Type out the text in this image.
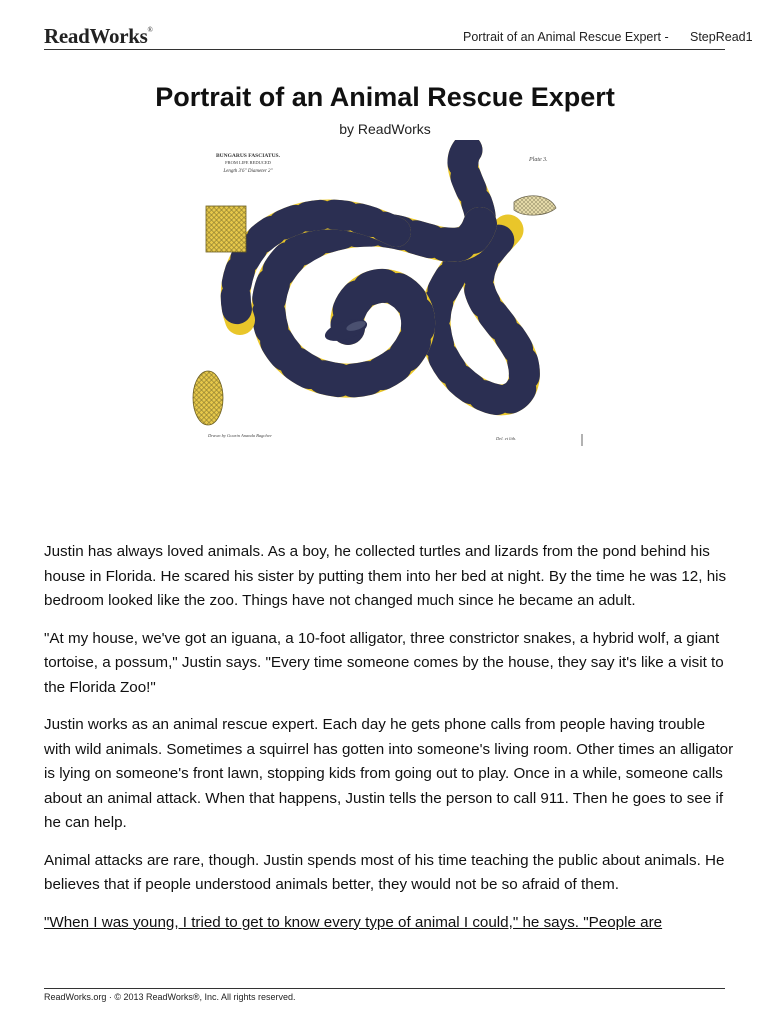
ReadWorks®	Portrait of an Animal Rescue Expert - StepRead1
Portrait of an Animal Rescue Expert
by ReadWorks
BUNGARUS FASCIATUS.
FROM LIFE REDUCED
Length 3'6" Diameter 2"
Plate 3.
Drawn by Gourin Ananda Bagchee
Del. et lith.

Justin has always loved animals. As a boy, he collected turtles and lizards from the pond behind his house in Florida. He scared his sister by putting them into her bed at night. By the time he was 12, his bedroom looked like the zoo. Things have not changed much since he became an adult.

"At my house, we've got an iguana, a 10-foot alligator, three constrictor snakes, a hybrid wolf, a giant tortoise, a possum," Justin says. "Every time someone comes by the house, they say it's like a visit to the Florida Zoo!"

Justin works as an animal rescue expert. Each day he gets phone calls from people having trouble with wild animals. Sometimes a squirrel has gotten into someone's living room. Other times an alligator is lying on someone's front lawn, stopping kids from going out to play. Once in a while, someone calls about an animal attack. When that happens, Justin tells the person to call 911. Then he goes to see if he can help.

Animal attacks are rare, though. Justin spends most of his time teaching the public about animals. He believes that if people understood animals better, they would not be so afraid of them.

"When I was young, I tried to get to know every type of animal I could," he says. "People are

ReadWorks.org · © 2013 ReadWorks®, Inc. All rights reserved.
